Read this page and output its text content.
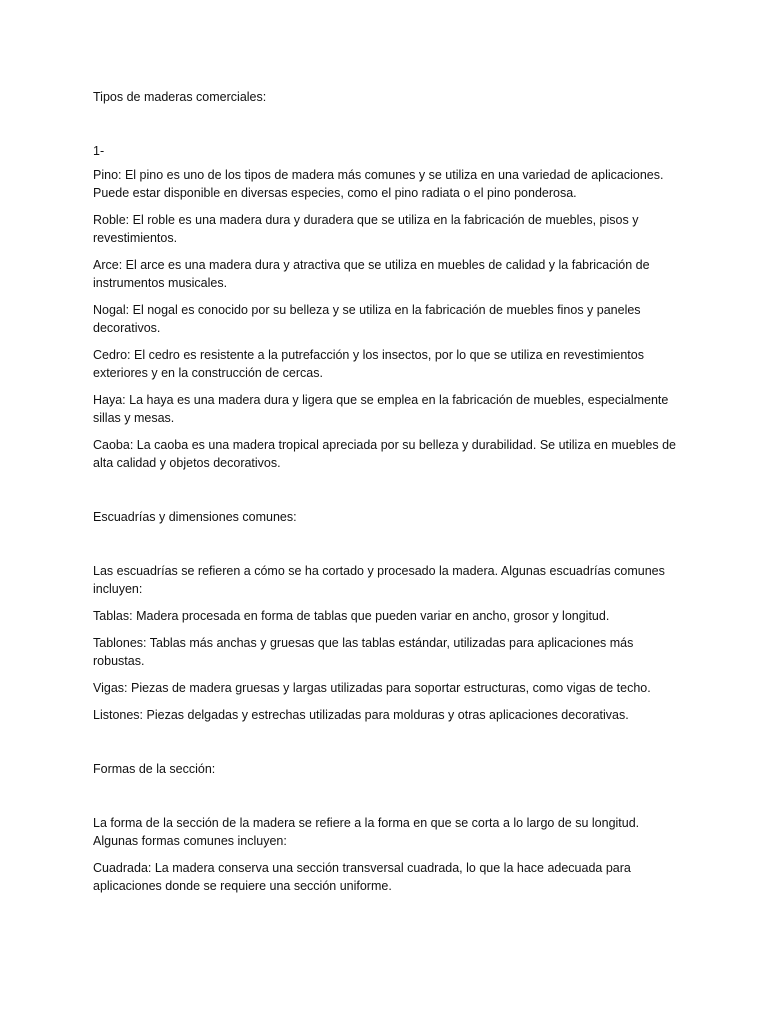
Tipos de maderas comerciales:

1-

Pino: El pino es uno de los tipos de madera más comunes y se utiliza en una variedad de aplicaciones. Puede estar disponible en diversas especies, como el pino radiata o el pino ponderosa.

Roble: El roble es una madera dura y duradera que se utiliza en la fabricación de muebles, pisos y revestimientos.

Arce: El arce es una madera dura y atractiva que se utiliza en muebles de calidad y la fabricación de instrumentos musicales.

Nogal: El nogal es conocido por su belleza y se utiliza en la fabricación de muebles finos y paneles decorativos.

Cedro: El cedro es resistente a la putrefacción y los insectos, por lo que se utiliza en revestimientos exteriores y en la construcción de cercas.

Haya: La haya es una madera dura y ligera que se emplea en la fabricación de muebles, especialmente sillas y mesas.

Caoba: La caoba es una madera tropical apreciada por su belleza y durabilidad. Se utiliza en muebles de alta calidad y objetos decorativos.

Escuadrías y dimensiones comunes:

Las escuadrías se refieren a cómo se ha cortado y procesado la madera. Algunas escuadrías comunes incluyen:

Tablas: Madera procesada en forma de tablas que pueden variar en ancho, grosor y longitud.

Tablones: Tablas más anchas y gruesas que las tablas estándar, utilizadas para aplicaciones más robustas.

Vigas: Piezas de madera gruesas y largas utilizadas para soportar estructuras, como vigas de techo.

Listones: Piezas delgadas y estrechas utilizadas para molduras y otras aplicaciones decorativas.

Formas de la sección:

La forma de la sección de la madera se refiere a la forma en que se corta a lo largo de su longitud. Algunas formas comunes incluyen:

Cuadrada: La madera conserva una sección transversal cuadrada, lo que la hace adecuada para aplicaciones donde se requiere una sección uniforme.
